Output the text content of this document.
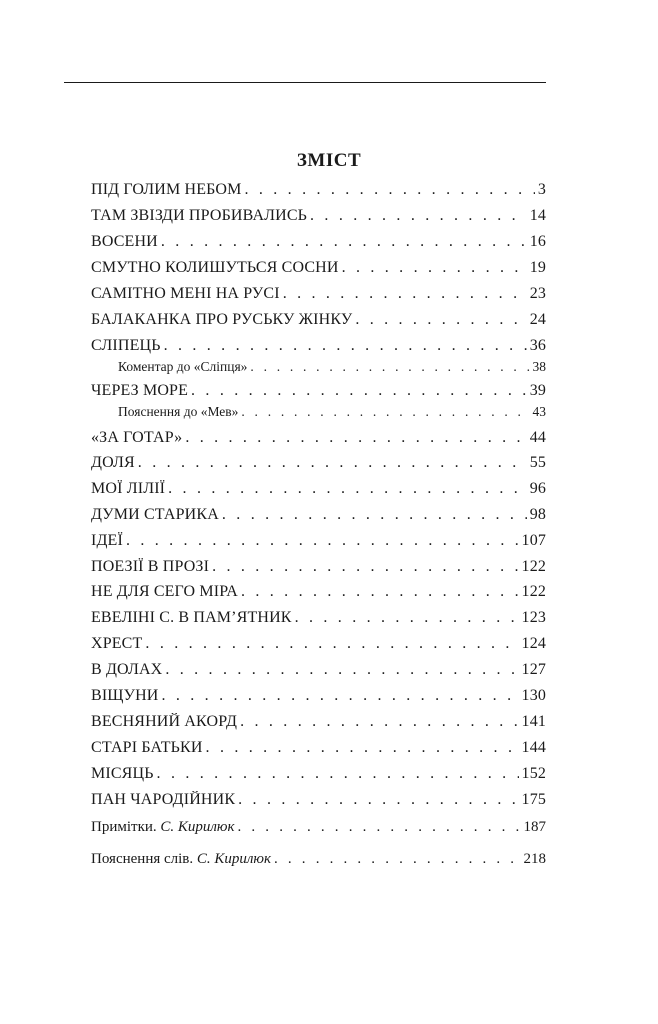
ЗМІСТ
ПІД ГОЛИМ НЕБОМ . . .	3
ТАМ ЗВІЗДИ ПРОБИВАЛИСЬ . . .	14
ВОСЕНИ . . .	16
СМУТНО КОЛИШУТЬСЯ СОСНИ . . .	19
САМІТНО МЕНІ НА РУСІ . . .	23
БАЛАКАНКА ПРО РУСЬКУ ЖІНКУ . . .	24
СЛІПЕЦЬ . . .	36
Коментар до «Сліпця» . . .	38
ЧЕРЕЗ МОРЕ . . .	39
Пояснення до «Мев» . . .	43
«ЗА ГОТАР» . . .	44
ДОЛЯ . . .	55
МОЇ ЛІЛІЇ . . .	96
ДУМИ СТАРИКА . . .	98
ІДЕЇ . . .	107
ПОЕЗІЇ В ПРОЗІ . . .	122
НЕ ДЛЯ СЕГО МІРА . . .	122
ЕВЕЛІНІ С. В ПАМ’ЯТНИК . . .	123
ХРЕСТ . . .	124
В ДОЛАХ . . .	127
ВІЩУНИ . . .	130
ВЕСНЯНИЙ АКОРД . . .	141
СТАРІ БАТЬКИ . . .	144
МІСЯЦЬ . . .	152
ПАН ЧАРОДІЙНИК . . .	175
Примітки. С. Кирилюк . . .	187
Пояснення слів. С. Кирилюк . . .	218
